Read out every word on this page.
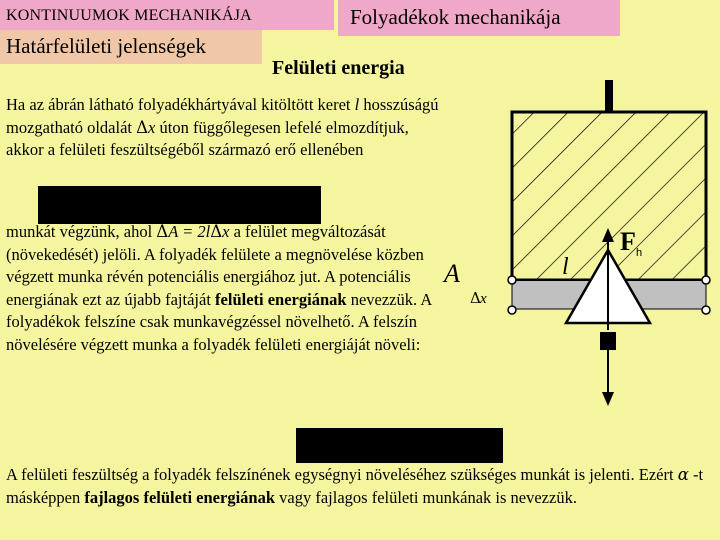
KONTINUUMOK MECHANIKÁJA	Folyadékok mechanikája
Határfelületi jelenségek
Felületi energia
Ha az ábrán látható folyadékhártyával kitöltött keret l hosszúságú mozgatható oldalát Δx úton függőlegesen lefelé elmozdítjuk, akkor a felületi feszültségéből származó erő ellenében
munkát végzünk, ahol ΔA = 2lΔx a felület megváltozását (növekedését) jelöli. A folyadék felülete a megnövelése közben végzett munka révén potenciális energiához jut. A potenciális energiának ezt az újabb fajtáját felületi energiának nevezzük. A folyadékok felszíne csak munkavégzéssel növelhető. A felszín növelésére végzett munka a folyadék felületi energiáját növeli:
A felületi feszültség a folyadék felszínének egységnyi növeléséhez szükséges munkát is jelenti. Ezért α -t másképpen fajlagos felületi energiának vagy fajlagos felületi munkának is nevezzük.
A	l
F h
Δ x
